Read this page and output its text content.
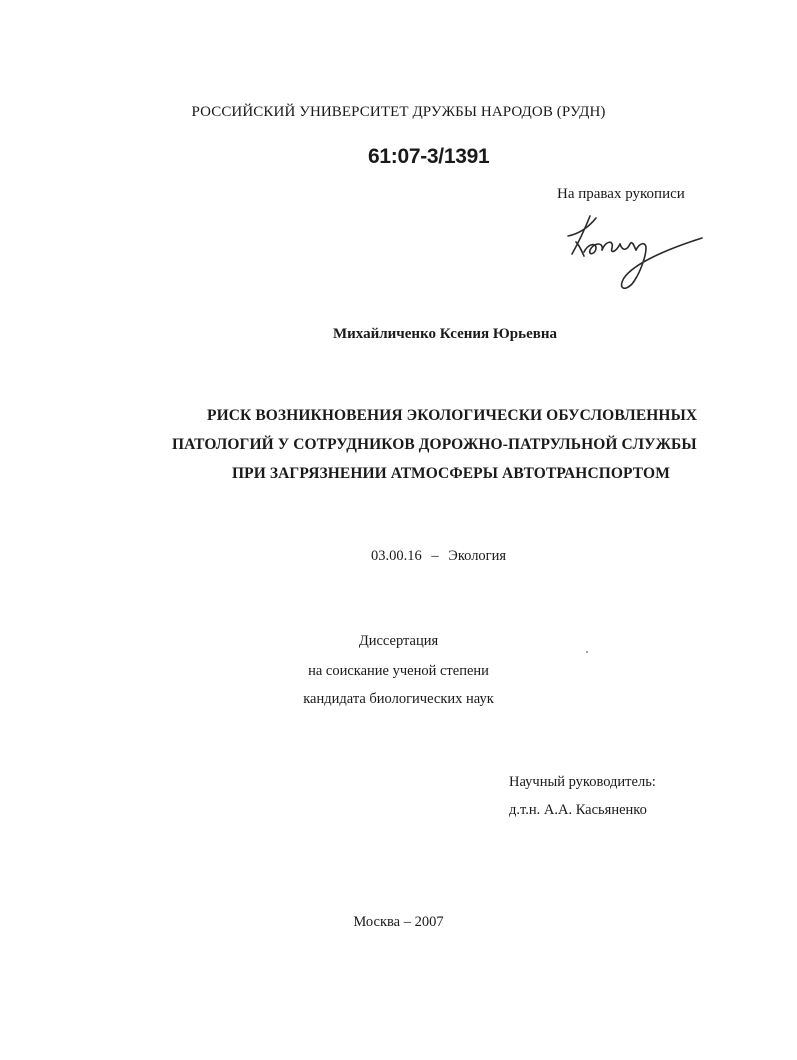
РОССИЙСКИЙ УНИВЕРСИТЕТ ДРУЖБЫ НАРОДОВ (РУДН)
61:07-3/1391
На правах рукописи
Михайличенко Ксения Юрьевна
РИСК ВОЗНИКНОВЕНИЯ ЭКОЛОГИЧЕСКИ ОБУСЛОВЛЕННЫХ
ПАТОЛОГИЙ У СОТРУДНИКОВ ДОРОЖНО-ПАТРУЛЬНОЙ СЛУЖБЫ
ПРИ ЗАГРЯЗНЕНИИ АТМОСФЕРЫ АВТОТРАНСПОРТОМ
03.00.16 – Экология
Диссертация
на соискание ученой степени
кандидата биологических наук
Научный руководитель:
д.т.н. А.А. Касьяненко
Москва – 2007
